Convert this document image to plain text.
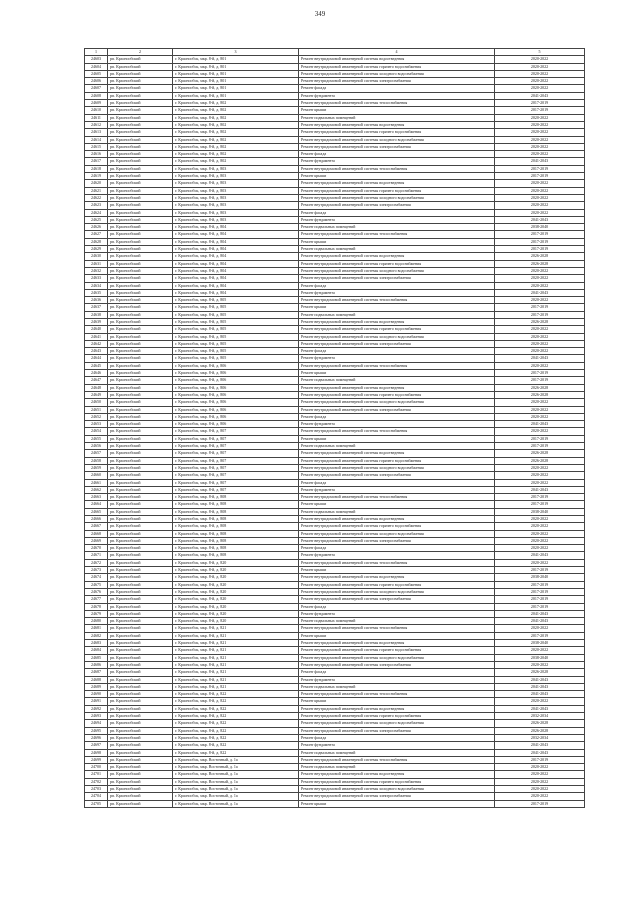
349
1	2	3	4	5
24603	рп. Краснообский	г. Краснообск, мкр. 8-й, д. 801	Ремонт внутридомовой инженерной системы водоотведения	2020-2022
24604	рп. Краснообский	г. Краснообск, мкр. 8-й, д. 801	Ремонт внутридомовой инженерной системы горячего водоснабжения	2020-2022
24605	рп. Краснообский	г. Краснообск, мкр. 8-й, д. 801	Ремонт внутридомовой инженерной системы холодного водоснабжения	2020-2022
24606	рп. Краснообский	г. Краснообск, мкр. 8-й, д. 801	Ремонт внутридомовой инженерной системы электроснабжения	2020-2022
24607	рп. Краснообский	г. Краснообск, мкр. 8-й, д. 801	Ремонт фасада	2020-2022
24608	рп. Краснообский	г. Краснообск, мкр. 8-й, д. 801	Ремонт фундамента	2041-2043
24609	рп. Краснообский	г. Краснообск, мкр. 8-й, д. 802	Ремонт внутридомовой инженерной системы теплоснабжения	2017-2019
24610	рп. Краснообский	г. Краснообск, мкр. 8-й, д. 802	Ремонт крыши	2017-2019
24611	рп. Краснообский	г. Краснообск, мкр. 8-й, д. 802	Ремонт подвальных помещений	2020-2022
24612	рп. Краснообский	г. Краснообск, мкр. 8-й, д. 802	Ремонт внутридомовой инженерной системы водоотведения	2020-2022
24613	рп. Краснообский	г. Краснообск, мкр. 8-й, д. 802	Ремонт внутридомовой инженерной системы горячего водоснабжения	2020-2022
24614	рп. Краснообский	г. Краснообск, мкр. 8-й, д. 802	Ремонт внутридомовой инженерной системы холодного водоснабжения	2020-2022
24615	рп. Краснообский	г. Краснообск, мкр. 8-й, д. 802	Ремонт внутридомовой инженерной системы электроснабжения	2020-2022
24616	рп. Краснообский	г. Краснообск, мкр. 8-й, д. 802	Ремонт фасада	2020-2022
24617	рп. Краснообский	г. Краснообск, мкр. 8-й, д. 802	Ремонт фундамента	2041-2043
24618	рп. Краснообский	г. Краснообск, мкр. 8-й, д. 803	Ремонт внутридомовой инженерной системы теплоснабжения	2017-2019
24619	рп. Краснообский	г. Краснообск, мкр. 8-й, д. 803	Ремонт крыши	2017-2019
24620	рп. Краснообский	г. Краснообск, мкр. 8-й, д. 803	Ремонт внутридомовой инженерной системы водоотведения	2020-2022
24621	рп. Краснообский	г. Краснообск, мкр. 8-й, д. 803	Ремонт внутридомовой инженерной системы горячего водоснабжения	2020-2022
24622	рп. Краснообский	г. Краснообск, мкр. 8-й, д. 803	Ремонт внутридомовой инженерной системы холодного водоснабжения	2020-2022
24623	рп. Краснообский	г. Краснообск, мкр. 8-й, д. 803	Ремонт внутридомовой инженерной системы электроснабжения	2020-2022
24624	рп. Краснообский	г. Краснообск, мкр. 8-й, д. 803	Ремонт фасада	2020-2022
24625	рп. Краснообский	г. Краснообск, мкр. 8-й, д. 803	Ремонт фундамента	2041-2043
24626	рп. Краснообский	г. Краснообск, мкр. 8-й, д. 804	Ремонт подвальных помещений	2038-2040
24627	рп. Краснообский	г. Краснообск, мкр. 8-й, д. 804	Ремонт внутридомовой инженерной системы теплоснабжения	2017-2019
24628	рп. Краснообский	г. Краснообск, мкр. 8-й, д. 804	Ремонт крыши	2017-2019
24629	рп. Краснообский	г. Краснообск, мкр. 8-й, д. 804	Ремонт подвальных помещений	2017-2019
24630	рп. Краснообский	г. Краснообск, мкр. 8-й, д. 804	Ремонт внутридомовой инженерной системы водоотведения	2026-2028
24631	рп. Краснообский	г. Краснообск, мкр. 8-й, д. 804	Ремонт внутридомовой инженерной системы горячего водоснабжения	2026-2028
24632	рп. Краснообский	г. Краснообск, мкр. 8-й, д. 804	Ремонт внутридомовой инженерной системы холодного водоснабжения	2020-2022
24633	рп. Краснообский	г. Краснообск, мкр. 8-й, д. 804	Ремонт внутридомовой инженерной системы электроснабжения	2020-2022
24634	рп. Краснообский	г. Краснообск, мкр. 8-й, д. 804	Ремонт фасада	2020-2022
24635	рп. Краснообский	г. Краснообск, мкр. 8-й, д. 804	Ремонт фундамента	2041-2043
24636	рп. Краснообский	г. Краснообск, мкр. 8-й, д. 805	Ремонт внутридомовой инженерной системы теплоснабжения	2020-2022
24637	рп. Краснообский	г. Краснообск, мкр. 8-й, д. 805	Ремонт крыши	2017-2019
24638	рп. Краснообский	г. Краснообск, мкр. 8-й, д. 805	Ремонт подвальных помещений	2017-2019
24639	рп. Краснообский	г. Краснообск, мкр. 8-й, д. 805	Ремонт внутридомовой инженерной системы водоотведения	2026-2028
24640	рп. Краснообский	г. Краснообск, мкр. 8-й, д. 805	Ремонт внутридомовой инженерной системы горячего водоснабжения	2020-2022
24641	рп. Краснообский	г. Краснообск, мкр. 8-й, д. 805	Ремонт внутридомовой инженерной системы холодного водоснабжения	2020-2022
24642	рп. Краснообский	г. Краснообск, мкр. 8-й, д. 805	Ремонт внутридомовой инженерной системы электроснабжения	2020-2022
24643	рп. Краснообский	г. Краснообск, мкр. 8-й, д. 805	Ремонт фасада	2020-2022
24644	рп. Краснообский	г. Краснообск, мкр. 8-й, д. 805	Ремонт фундамента	2041-2043
24645	рп. Краснообский	г. Краснообск, мкр. 8-й, д. 806	Ремонт внутридомовой инженерной системы теплоснабжения	2020-2022
24646	рп. Краснообский	г. Краснообск, мкр. 8-й, д. 806	Ремонт крыши	2017-2019
24647	рп. Краснообский	г. Краснообск, мкр. 8-й, д. 806	Ремонт подвальных помещений	2017-2019
24648	рп. Краснообский	г. Краснообск, мкр. 8-й, д. 806	Ремонт внутридомовой инженерной системы водоотведения	2026-2028
24649	рп. Краснообский	г. Краснообск, мкр. 8-й, д. 806	Ремонт внутридомовой инженерной системы горячего водоснабжения	2026-2028
24650	рп. Краснообский	г. Краснообск, мкр. 8-й, д. 806	Ремонт внутридомовой инженерной системы холодного водоснабжения	2020-2022
24651	рп. Краснообский	г. Краснообск, мкр. 8-й, д. 806	Ремонт внутридомовой инженерной системы электроснабжения	2020-2022
24652	рп. Краснообский	г. Краснообск, мкр. 8-й, д. 806	Ремонт фасада	2020-2022
24653	рп. Краснообский	г. Краснообск, мкр. 8-й, д. 806	Ремонт фундамента	2041-2043
24654	рп. Краснообский	г. Краснообск, мкр. 8-й, д. 807	Ремонт внутридомовой инженерной системы теплоснабжения	2020-2022
24655	рп. Краснообский	г. Краснообск, мкр. 8-й, д. 807	Ремонт крыши	2017-2019
24656	рп. Краснообский	г. Краснообск, мкр. 8-й, д. 807	Ремонт подвальных помещений	2017-2019
24657	рп. Краснообский	г. Краснообск, мкр. 8-й, д. 807	Ремонт внутридомовой инженерной системы водоотведения	2026-2028
24658	рп. Краснообский	г. Краснообск, мкр. 8-й, д. 807	Ремонт внутридомовой инженерной системы горячего водоснабжения	2026-2028
24659	рп. Краснообский	г. Краснообск, мкр. 8-й, д. 807	Ремонт внутридомовой инженерной системы холодного водоснабжения	2020-2022
24660	рп. Краснообский	г. Краснообск, мкр. 8-й, д. 807	Ремонт внутридомовой инженерной системы электроснабжения	2020-2022
24661	рп. Краснообский	г. Краснообск, мкр. 8-й, д. 807	Ремонт фасада	2020-2022
24662	рп. Краснообский	г. Краснообск, мкр. 8-й, д. 807	Ремонт фундамента	2041-2043
24663	рп. Краснообский	г. Краснообск, мкр. 8-й, д. 808	Ремонт внутридомовой инженерной системы теплоснабжения	2017-2019
24664	рп. Краснообский	г. Краснообск, мкр. 8-й, д. 808	Ремонт крыши	2017-2019
24665	рп. Краснообский	г. Краснообск, мкр. 8-й, д. 808	Ремонт подвальных помещений	2038-2040
24666	рп. Краснообский	г. Краснообск, мкр. 8-й, д. 808	Ремонт внутридомовой инженерной системы водоотведения	2020-2022
24667	рп. Краснообский	г. Краснообск, мкр. 8-й, д. 808	Ремонт внутридомовой инженерной системы горячего водоснабжения	2020-2022
24668	рп. Краснообский	г. Краснообск, мкр. 8-й, д. 808	Ремонт внутридомовой инженерной системы холодного водоснабжения	2020-2022
24669	рп. Краснообский	г. Краснообск, мкр. 8-й, д. 808	Ремонт внутридомовой инженерной системы электроснабжения	2020-2022
24670	рп. Краснообский	г. Краснообск, мкр. 8-й, д. 808	Ремонт фасада	2020-2022
24671	рп. Краснообский	г. Краснообск, мкр. 8-й, д. 808	Ремонт фундамента	2041-2043
24672	рп. Краснообский	г. Краснообск, мкр. 8-й, д. 820	Ремонт внутридомовой инженерной системы теплоснабжения	2020-2022
24673	рп. Краснообский	г. Краснообск, мкр. 8-й, д. 820	Ремонт крыши	2017-2019
24674	рп. Краснообский	г. Краснообск, мкр. 8-й, д. 820	Ремонт внутридомовой инженерной системы водоотведения	2038-2040
24675	рп. Краснообский	г. Краснообск, мкр. 8-й, д. 820	Ремонт внутридомовой инженерной системы горячего водоснабжения	2017-2019
24676	рп. Краснообский	г. Краснообск, мкр. 8-й, д. 820	Ремонт внутридомовой инженерной системы холодного водоснабжения	2017-2019
24677	рп. Краснообский	г. Краснообск, мкр. 8-й, д. 820	Ремонт внутридомовой инженерной системы электроснабжения	2017-2019
24678	рп. Краснообский	г. Краснообск, мкр. 8-й, д. 820	Ремонт фасада	2017-2019
24679	рп. Краснообский	г. Краснообск, мкр. 8-й, д. 820	Ремонт фундамента	2041-2043
24680	рп. Краснообский	г. Краснообск, мкр. 8-й, д. 820	Ремонт подвальных помещений	2041-2043
24681	рп. Краснообский	г. Краснообск, мкр. 8-й, д. 821	Ремонт внутридомовой инженерной системы теплоснабжения	2020-2022
24682	рп. Краснообский	г. Краснообск, мкр. 8-й, д. 821	Ремонт крыши	2017-2019
24683	рп. Краснообский	г. Краснообск, мкр. 8-й, д. 821	Ремонт внутридомовой инженерной системы водоотведения	2038-2040
24684	рп. Краснообский	г. Краснообск, мкр. 8-й, д. 821	Ремонт внутридомовой инженерной системы горячего водоснабжения	2020-2022
24685	рп. Краснообский	г. Краснообск, мкр. 8-й, д. 821	Ремонт внутридомовой инженерной системы холодного водоснабжения	2038-2040
24686	рп. Краснообский	г. Краснообск, мкр. 8-й, д. 821	Ремонт внутридомовой инженерной системы электроснабжения	2020-2022
24687	рп. Краснообский	г. Краснообск, мкр. 8-й, д. 821	Ремонт фасада	2026-2028
24688	рп. Краснообский	г. Краснообск, мкр. 8-й, д. 821	Ремонт фундамента	2041-2043
24689	рп. Краснообский	г. Краснообск, мкр. 8-й, д. 821	Ремонт подвальных помещений	2041-2043
24690	рп. Краснообский	г. Краснообск, мкр. 8-й, д. 822	Ремонт внутридомовой инженерной системы теплоснабжения	2041-2043
24691	рп. Краснообский	г. Краснообск, мкр. 8-й, д. 822	Ремонт крыши	2020-2022
24692	рп. Краснообский	г. Краснообск, мкр. 8-й, д. 822	Ремонт внутридомовой инженерной системы водоотведения	2041-2043
24693	рп. Краснообский	г. Краснообск, мкр. 8-й, д. 822	Ремонт внутридомовой инженерной системы горячего водоснабжения	2032-2034
24694	рп. Краснообский	г. Краснообск, мкр. 8-й, д. 822	Ремонт внутридомовой инженерной системы холодного водоснабжения	2026-2028
24695	рп. Краснообский	г. Краснообск, мкр. 8-й, д. 822	Ремонт внутридомовой инженерной системы электроснабжения	2026-2028
24696	рп. Краснообский	г. Краснообск, мкр. 8-й, д. 822	Ремонт фасада	2032-2034
24697	рп. Краснообский	г. Краснообск, мкр. 8-й, д. 822	Ремонт фундамента	2041-2043
24698	рп. Краснообский	г. Краснообск, мкр. 8-й, д. 822	Ремонт подвальных помещений	2041-2043
24699	рп. Краснообский	г. Краснообск, мкр. Восточный, д. 1а	Ремонт внутридомовой инженерной системы теплоснабжения	2017-2019
24700	рп. Краснообский	г. Краснообск, мкр. Восточный, д. 1а	Ремонт подвальных помещений	2020-2022
24701	рп. Краснообский	г. Краснообск, мкр. Восточный, д. 1а	Ремонт внутридомовой инженерной системы водоотведения	2020-2022
24702	рп. Краснообский	г. Краснообск, мкр. Восточный, д. 1а	Ремонт внутридомовой инженерной системы горячего водоснабжения	2020-2022
24703	рп. Краснообский	г. Краснообск, мкр. Восточный, д. 1а	Ремонт внутридомовой инженерной системы холодного водоснабжения	2020-2022
24704	рп. Краснообский	г. Краснообск, мкр. Восточный, д. 1а	Ремонт внутридомовой инженерной системы электроснабжения	2020-2022
24705	рп. Краснообский	г. Краснообск, мкр. Восточный, д. 1а	Ремонт крыши	2017-2019
